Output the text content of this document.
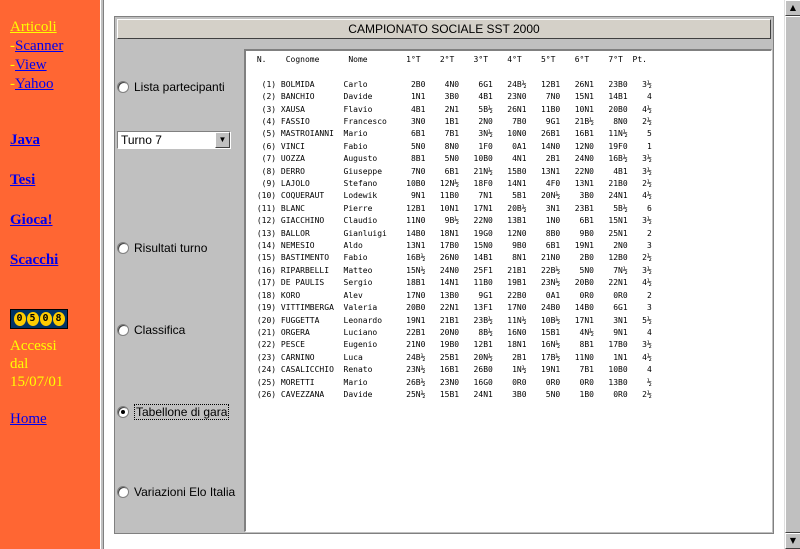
Articoli
-Scanner
-View
-Yahoo
Java
Tesi
Gioca!
Scacchi
0 5 0 8
Accessi
dal
15/07/01
Home
CAMPIONATO SOCIALE SST 2000
Lista partecipanti
Turno 7	▼
Risultati turno
Classifica
Tabellone di gara
Variazioni Elo Italia
N.    Cognome      Nome        1°T    2°T    3°T    4°T    5°T    6°T    7°T  Pt.
(1) BOLMIDA      Carlo         2B0    4N0    6G1   24B½   12B1   26N1   23B0   3½
(2) BANCHIO      Davide        1N1    3B0    4B1   23N0    7N0   15N1   14B1    4
(3) XAUSA        Flavio        4B1    2N1    5B½   26N1   11B0   10N1   20B0   4½
(4) FASSIO       Francesco     3N0    1B1    2N0    7B0    9G1   21B½    8N0   2½
(5) MASTROIANNI  Mario         6B1    7B1    3N½   10N0   26B1   16B1   11N½    5
(6) VINCI        Fabio         5N0    8N0    1F0    0A1   14N0   12N0   19F0    1
(7) UOZZA        Augusto       8B1    5N0   10B0    4N1    2B1   24N0   16B½   3½
(8) DERRO        Giuseppe      7N0    6B1   21N½   15B0   13N1   22N0    4B1   3½
(9) LAJOLO       Stefano      10B0   12N½   18F0   14N1    4F0   13N1   21B0   2½
(10) COQUERAUT    Lodewik       9N1   11B0    7N1    5B1   20N½    3B0   24N1   4½
(11) BLANC        Pierre       12B1   10N1   17N1   20B½    3N1   23B1    5B½    6
(12) GIACCHINO    Claudio      11N0    9B½   22N0   13B1    1N0    6B1   15N1   3½
(13) BALLOR       Gianluigi    14B0   18N1   19G0   12N0    8B0    9B0   25N1    2
(14) NEMESIO      Aldo         13N1   17B0   15N0    9B0    6B1   19N1    2N0    3
(15) BASTIMENTO   Fabio        16B½   26N0   14B1    8N1   21N0    2B0   12B0   2½
(16) RIPARBELLI   Matteo       15N½   24N0   25F1   21B1   22B½    5N0    7N½   3½
(17) DE PAULIS    Sergio       18B1   14N1   11B0   19B1   23N½   20B0   22N1   4½
(18) KORO         Alev         17N0   13B0    9G1   22B0    0A1    0R0    0R0    2
(19) VITTIMBERGA  Valeria      20B0   22N1   13F1   17N0   24B0   14B0    6G1    3
(20) FUGGETTA     Leonardo     19N1   21B1   23B½   11N½   10B½   17N1    3N1   5½
(21) ORGERA       Luciano      22B1   20N0    8B½   16N0   15B1    4N½    9N1    4
(22) PESCE        Eugenio      21N0   19B0   12B1   18N1   16N½    8B1   17B0   3½
(23) CARNINO      Luca         24B½   25B1   20N½    2B1   17B½   11N0    1N1   4½
(24) CASALICCHIO  Renato       23N½   16B1   26B0    1N½   19N1    7B1   10B0    4
(25) MORETTI      Mario        26B½   23N0   16G0    0R0    0R0    0R0   13B0    ½
(26) CAVEZZANA    Davide       25N½   15B1   24N1    3B0    5N0    1B0    0R0   2½
▲
▼
